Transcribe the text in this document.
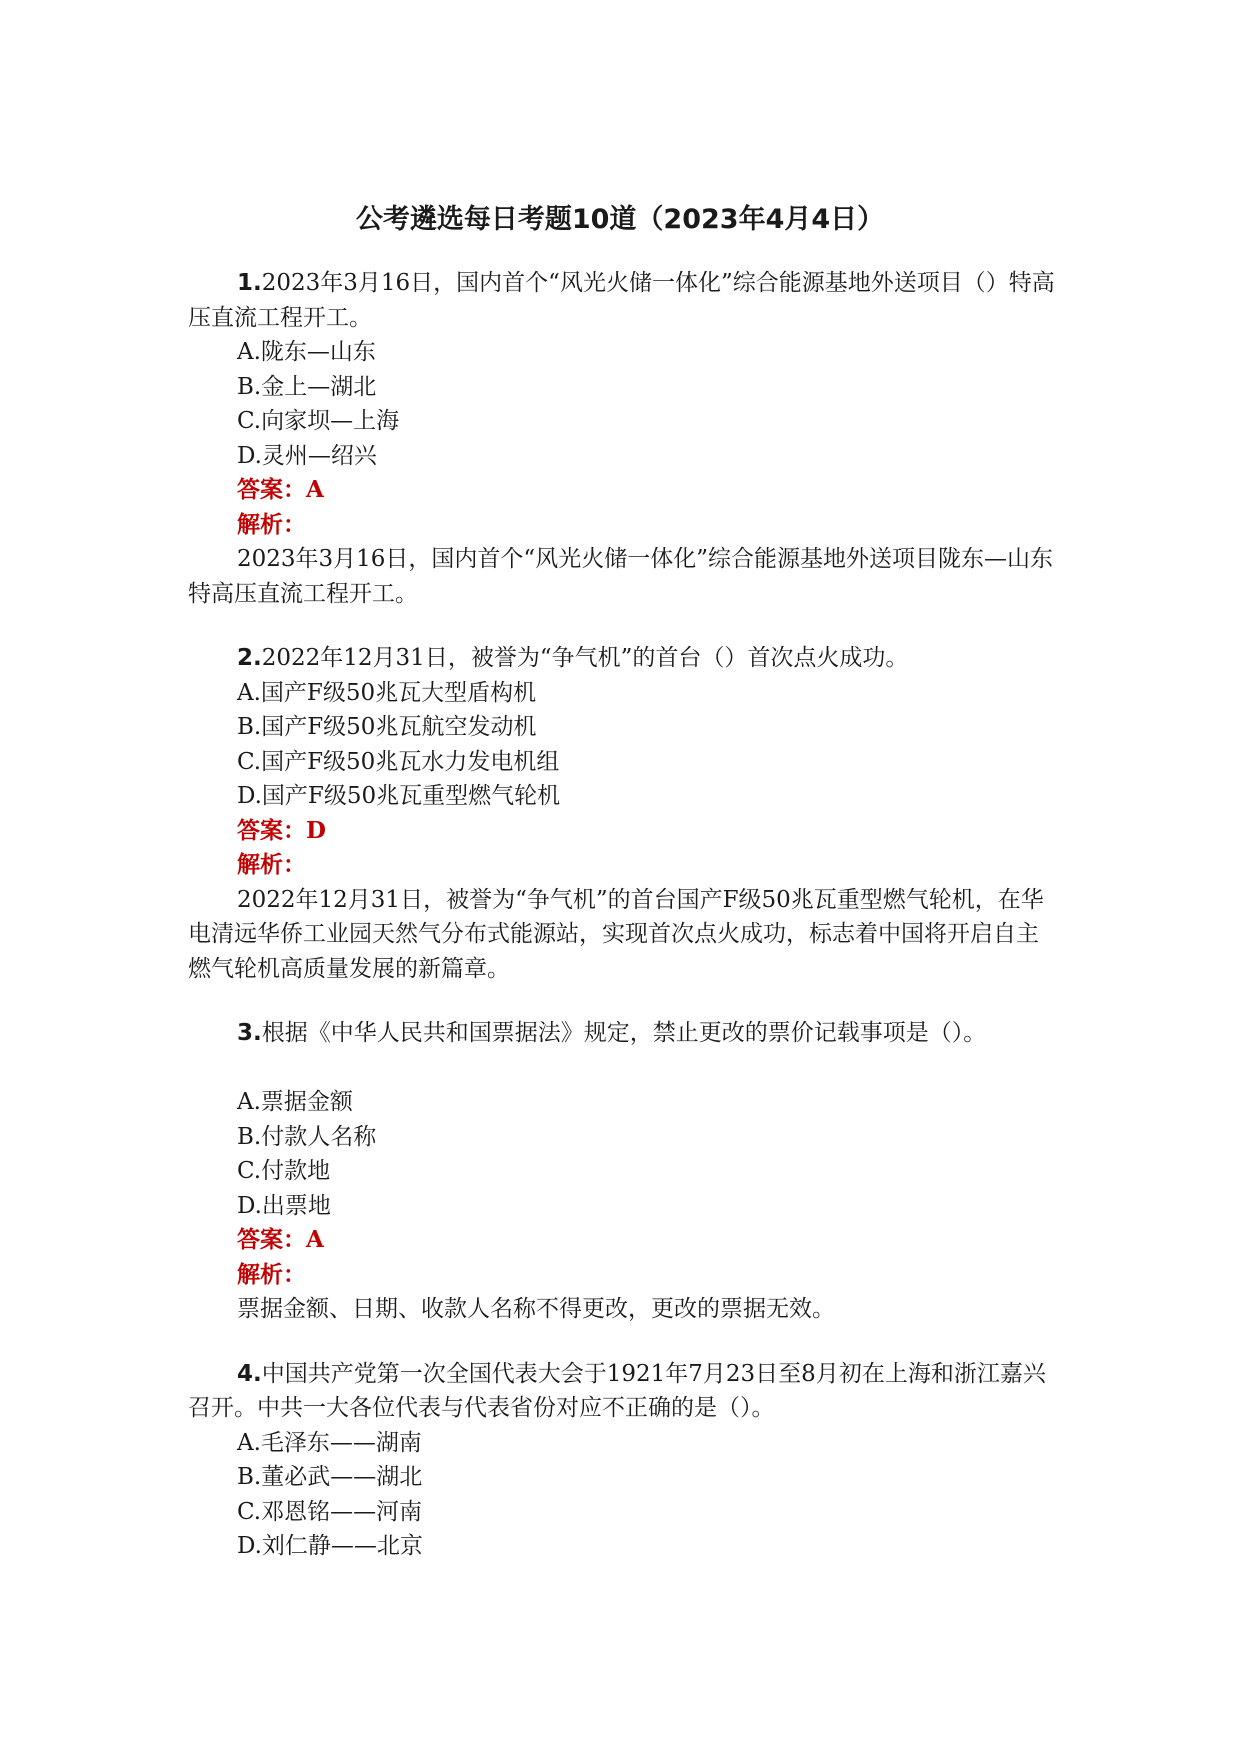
公考遴选每日考题10道（2023年4月4日）

1.2023年3月16日，国内首个“风光火储一体化”综合能源基地外送项目（）特高压直流工程开工。

A.陇东—山东

B.金上—湖北

C.向家坝—上海

D.灵州—绍兴

答案：A

解析：

2023年3月16日，国内首个“风光火储一体化”综合能源基地外送项目陇东—山东特高压直流工程开工。

2.2022年12月31日，被誉为“争气机”的首台（）首次点火成功。

A.国产F级50兆瓦大型盾构机

B.国产F级50兆瓦航空发动机

C.国产F级50兆瓦水力发电机组

D.国产F级50兆瓦重型燃气轮机

答案：D

解析：

2022年12月31日，被誉为“争气机”的首台国产F级50兆瓦重型燃气轮机，在华电清远华侨工业园天然气分布式能源站，实现首次点火成功，标志着中国将开启自主燃气轮机高质量发展的新篇章。

3.根据《中华人民共和国票据法》规定，禁止更改的票价记载事项是（）。

A.票据金额

B.付款人名称

C.付款地

D.出票地

答案：A

解析：

票据金额、日期、收款人名称不得更改，更改的票据无效。

4.中国共产党第一次全国代表大会于1921年7月23日至8月初在上海和浙江嘉兴召开。中共一大各位代表与代表省份对应不正确的是（）。

A.毛泽东——湖南

B.董必武——湖北

C.邓恩铭——河南

D.刘仁静——北京
